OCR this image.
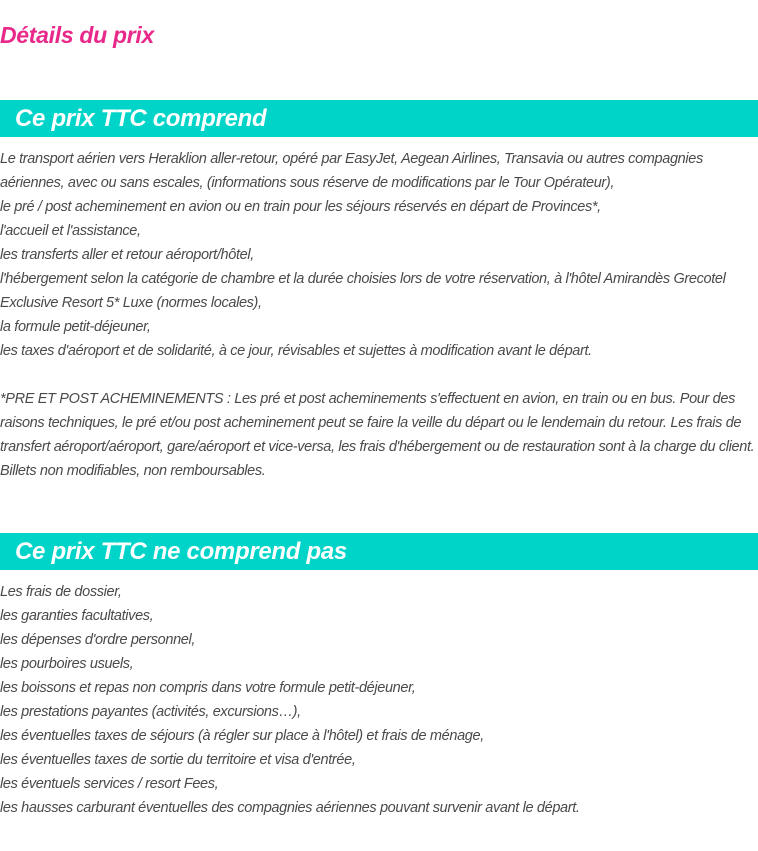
Détails du prix
Ce prix TTC comprend

Le transport aérien vers Heraklion aller-retour, opéré par EasyJet, Aegean Airlines, Transavia ou autres compagnies aériennes, avec ou sans escales, (informations sous réserve de modifications par le Tour Opérateur),

le pré / post acheminement en avion ou en train pour les séjours réservés en départ de Provinces*,

l'accueil et l'assistance,

les transferts aller et retour aéroport/hôtel,

l'hébergement selon la catégorie de chambre et la durée choisies lors de votre réservation, à l'hôtel Amirandès Grecotel Exclusive Resort 5* Luxe (normes locales),

la formule petit-déjeuner,

les taxes d'aéroport et de solidarité, à ce jour, révisables et sujettes à modification avant le départ.

*PRE ET POST ACHEMINEMENTS : Les pré et post acheminements s'effectuent en avion, en train ou en bus. Pour des raisons techniques, le pré et/ou post acheminement peut se faire la veille du départ ou le lendemain du retour. Les frais de transfert aéroport/aéroport, gare/aéroport et vice-versa, les frais d'hébergement ou de restauration sont à la charge du client. Billets non modifiables, non remboursables.

Ce prix TTC ne comprend pas

Les frais de dossier,

les garanties facultatives,

les dépenses d'ordre personnel,

les pourboires usuels,

les boissons et repas non compris dans votre formule petit-déjeuner,

les prestations payantes (activités, excursions…),

les éventuelles taxes de séjours (à régler sur place à l'hôtel) et frais de ménage,

les éventuelles taxes de sortie du territoire et visa d'entrée,

les éventuels services / resort Fees,

les hausses carburant éventuelles des compagnies aériennes pouvant survenir avant le départ.
